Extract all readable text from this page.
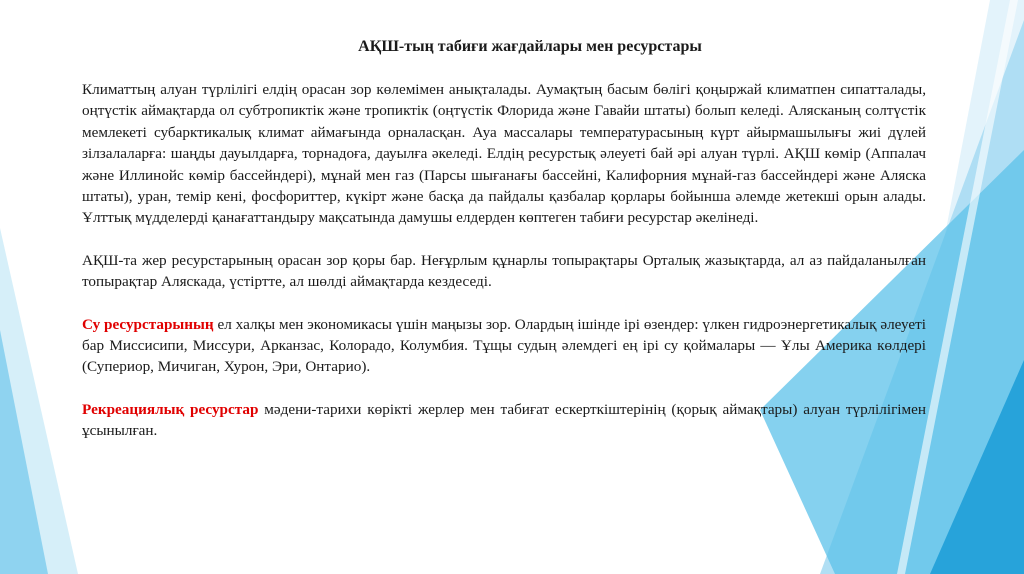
АҚШ-тың табиғи жағдайлары мен ресурстары

Климаттың алуан түрлілігі елдің орасан зор көлемімен анықталады. Аумақтың басым бөлігі қоңыржай климатпен сипатталады, оңтүстік аймақтарда ол субтропиктік және тропиктік (оңтүстік Флорида және Гавайи штаты) болып келеді. Аляcканың солтүстік мемлекеті субарктикалық климат аймағында орналасқан. Ауа массалары температурасының күрт айырмашылығы жиі дүлей зілзалаларға: шаңды дауылдарға, торнадоға, дауылға әкеледі. Елдің ресурстық әлеуеті бай әрі алуан түрлі. АҚШ көмір (Аппалач және Иллинойс көмір бассейндері), мұнай мен газ (Парсы шығанағы бассейні, Калифорния мұнай-газ бассейндері және Аляска штаты), уран, темір кені, фосфориттер, күкірт және басқа да пайдалы қазбалар қорлары бойынша әлемде жетекші орын алады. Ұлттық мүдделерді қанағаттандыру мақсатында дамушы елдерден көптеген табиғи ресурстар әкелінеді.

АҚШ-та жер ресурстарының орасан зор қоры бар. Неғұрлым құнарлы топырақтары Орталық жазықтарда, ал аз пайдаланылған топырақтар Аляскада, үстіртте, ал шөлді аймақтарда кездеседі.

Су ресурстарының ел халқы мен экономикасы үшін маңызы зор. Олардың ішінде ірі өзендер: үлкен гидроэнергетикалық әлеуеті бар Миссисипи, Миссури, Арканзас, Колорадо, Колумбия. Тұщы судың әлемдегі ең ірі су қоймалары — Ұлы Америка көлдері (Супериор, Мичиган, Хурон, Эри, Онтарио).

Рекреациялық ресурстар мәдени-тарихи көрікті жерлер мен табиғат ескерткіштерінің (қорық аймақтары) алуан түрлілігімен ұсынылған.
